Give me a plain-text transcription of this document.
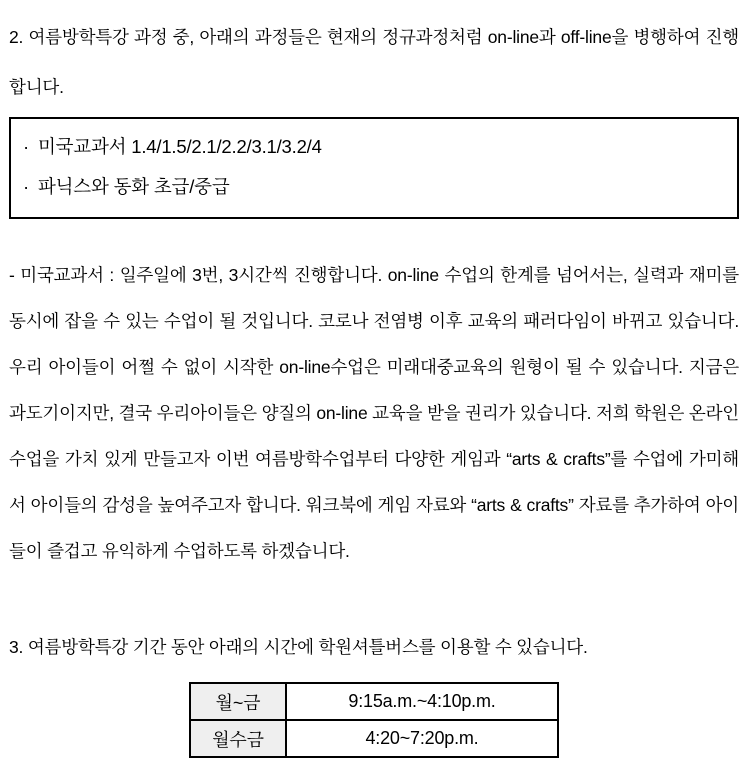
2. 여름방학특강 과정 중, 아래의 과정들은 현재의 정규과정처럼 on-line과 off-line을 병행하여 진행합니다.

· 미국교과서 1.4/1.5/2.1/2.2/3.1/3.2/4
· 파닉스와 동화 초급/중급

- 미국교과서 : 일주일에 3번, 3시간씩 진행합니다. on-line 수업의 한계를 넘어서는, 실력과 재미를 동시에 잡을 수 있는 수업이 될 것입니다. 코로나 전염병 이후 교육의 패러다임이 바뀌고 있습니다. 우리 아이들이 어쩔 수 없이 시작한 on-line수업은 미래대중교육의 원형이 될 수 있습니다. 지금은 과도기이지만, 결국 우리아이들은 양질의 on-line 교육을 받을 권리가 있습니다. 저희 학원은 온라인 수업을 가치 있게 만들고자 이번 여름방학수업부터 다양한 게임과 “arts & crafts”를 수업에 가미해서 아이들의 감성을 높여주고자 합니다. 워크북에 게임 자료와 “arts & crafts” 자료를 추가하여 아이들이 즐겁고 유익하게 수업하도록 하겠습니다.

3. 여름방학특강 기간 동안 아래의 시간에 학원셔틀버스를 이용할 수 있습니다.

월~금	9:15a.m.~4:10p.m.
월수금	4:20~7:20p.m.
